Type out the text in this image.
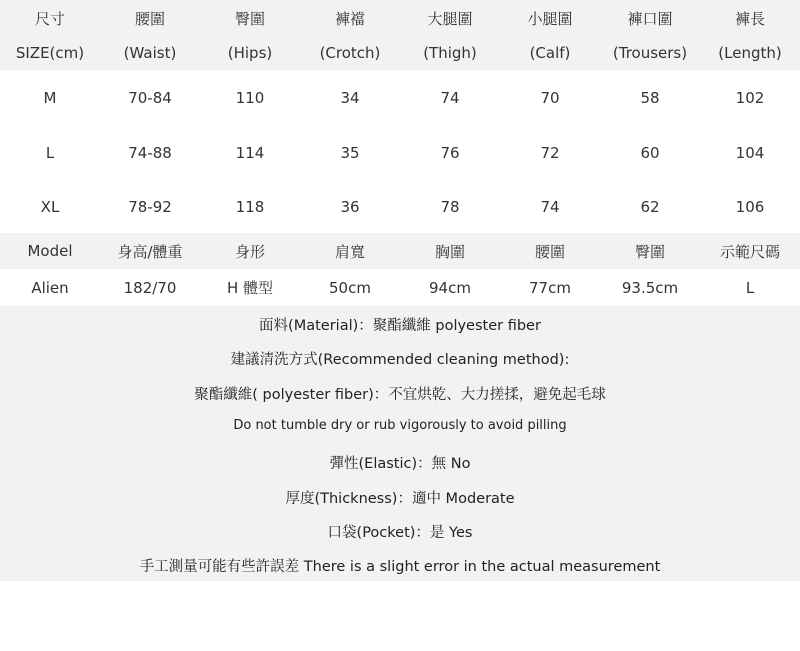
尺寸	腰圍	臀圍	褲襠	大腿圍	小腿圍	褲口圍	褲長
SIZE(cm)	(Waist)	(Hips)	(Crotch)	(Thigh)	(Calf)	(Trousers)	(Length)
M	70-84	110	34	74	70	58	102
L	74-88	114	35	76	72	60	104
XL	78-92	118	36	78	74	62	106
Model	身高/體重	身形	肩寬	胸圍	腰圍	臀圍	示範尺碼
Alien	182/70	H 體型	50cm	94cm	77cm	93.5cm	L
面料(Material)：聚酯纖維 polyester fiber
建議清洗方式(Recommended cleaning method):
聚酯纖維( polyester fiber)：不宜烘乾、大力搓揉，避免起毛球
Do not tumble dry or rub vigorously to avoid pilling
彈性(Elastic)：無 No
厚度(Thickness)：適中 Moderate
口袋(Pocket)：是 Yes
手工測量可能有些許誤差 There is a slight error in the actual measurement
